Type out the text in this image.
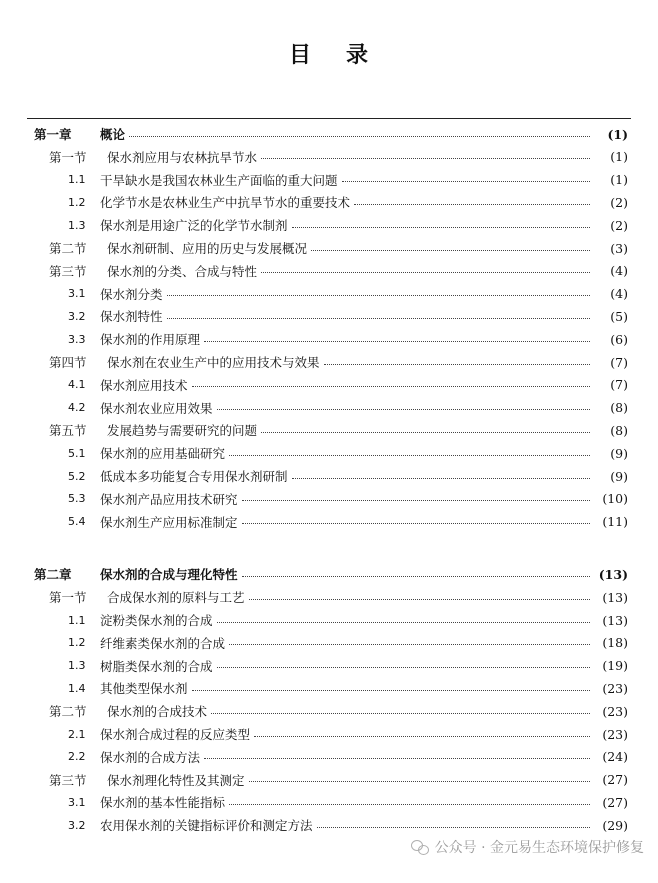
目 录
第一章	概论	(1)
第一节	保水剂应用与农林抗旱节水	(1)
1.1	干旱缺水是我国农林业生产面临的重大问题	(1)
1.2	化学节水是农林业生产中抗旱节水的重要技术	(2)
1.3	保水剂是用途广泛的化学节水制剂	(2)
第二节	保水剂研制、应用的历史与发展概况	(3)
第三节	保水剂的分类、合成与特性	(4)
3.1	保水剂分类	(4)
3.2	保水剂特性	(5)
3.3	保水剂的作用原理	(6)
第四节	保水剂在农业生产中的应用技术与效果	(7)
4.1	保水剂应用技术	(7)
4.2	保水剂农业应用效果	(8)
第五节	发展趋势与需要研究的问题	(8)
5.1	保水剂的应用基础研究	(9)
5.2	低成本多功能复合专用保水剂研制	(9)
5.3	保水剂产品应用技术研究	(10)
5.4	保水剂生产应用标准制定	(11)
第二章	保水剂的合成与理化特性	(13)
第一节	合成保水剂的原料与工艺	(13)
1.1	淀粉类保水剂的合成	(13)
1.2	纤维素类保水剂的合成	(18)
1.3	树脂类保水剂的合成	(19)
1.4	其他类型保水剂	(23)
第二节	保水剂的合成技术	(23)
2.1	保水剂合成过程的反应类型	(23)
2.2	保水剂的合成方法	(24)
第三节	保水剂理化特性及其测定	(27)
3.1	保水剂的基本性能指标	(27)
3.2	农用保水剂的关键指标评价和测定方法	(29)
公众号 · 金元易生态环境保护修复
